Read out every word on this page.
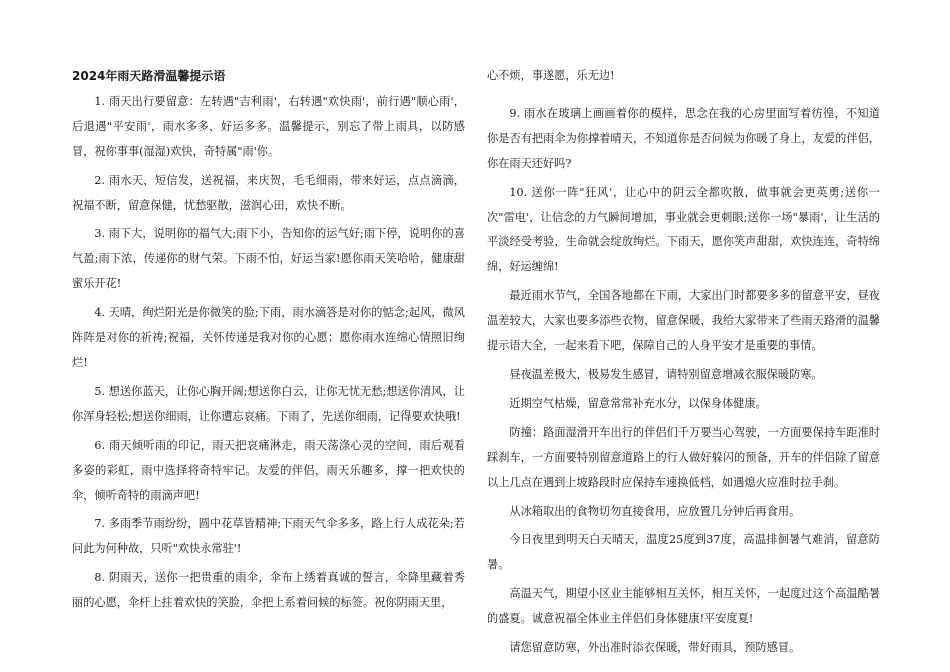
2024年雨天路滑温馨提示语

1. 雨天出行要留意：左转遇"吉利雨'，右转遇"欢快雨'，前行遇"顺心雨'，后退遇"平安雨'，雨水多多，好运多多。温馨提示，别忘了带上雨具，以防感冒，祝你事事(湿湿)欢快，奇特属"雨'你。

2. 雨水天，短信发，送祝福，来庆贺，毛毛细雨，带来好运，点点滴滴，祝福不断，留意保健，忧愁驱散，滋润心田，欢快不断。

3. 雨下大，说明你的福气大;雨下小，告知你的运气好;雨下停，说明你的喜气盈;雨下浓，传递你的财气荣。下雨不怕，好运当家!愿你雨天笑哈哈，健康甜蜜乐开花!

4. 天晴，绚烂阳光是你微笑的脸;下雨，雨水滴答是对你的惦念;起风，微风阵阵是对你的祈祷;祝福，关怀传递是我对你的心愿；愿你雨水连绵心情照旧绚烂!

5. 想送你蓝天，让你心胸开阔;想送你白云，让你无忧无愁;想送你清风，让你浑身轻松;想送你细雨，让你遭忘哀痛。下雨了，先送你细雨，记得要欢快哦!

6. 雨天倾听雨的印记，雨天把哀痛淋走，雨天荡涤心灵的空间，雨后观看多姿的彩虹，雨中选择将奇特牢记。友爱的伴侣，雨天乐趣多，撑一把欢快的伞，倾听奇特的雨滴声吧!

7. 多雨季节雨纷纷，圆中花草皆精神;下雨天气伞多多，路上行人成花朵;若问此为何种故，只听"欢快永常驻'!

8. 阴雨天，送你一把贵重的雨伞，伞布上绣着真诚的誓言，伞降里藏着秀丽的心愿，伞杆上拄着欢快的笑脸，伞把上系着问候的标签。祝你阴雨天里，

心不烦，事遂愿，乐无边!

9. 雨水在玻璃上画画着你的模样，思念在我的心房里面写着彷徨，不知道你是否有把雨伞为你撑着晴天，不知道你是否问候为你暖了身上，友爱的伴侣，你在雨天还好吗?

10. 送你一阵"狂风'，让心中的阴云全都吹散，做事就会更英勇;送你一次"雷电'，让信念的力气瞬间增加，事业就会更刺眼;送你一场"暴雨'，让生活的平淡经受考验，生命就会绽放绚烂。下雨天，愿你笑声甜甜，欢快连连，奇特绵绵，好运缠绵!

最近雨水节气，全国各地都在下雨，大家出门时都要多多的留意平安，昼夜温差较大，大家也要多添些衣物，留意保暖，我给大家带来了些雨天路滑的温馨提示语大全，一起来看下吧，保障自己的人身平安才是重要的事情。

昼夜温差极大，极易发生感冒，请特别留意增减衣服保暖防寒。

近期空气枯燥，留意常常补充水分，以保身体健康。

防撞：路面湿滑开车出行的伴侣们千万要当心驾驶，一方面要保持车距准时踩刹车，一方面要特别留意道路上的行人做好躲闪的预备，开车的伴侣除了留意以上几点在遇到上坡路段时应保持车速换低档，如遇熄火应准时拉手刹。

从冰箱取出的食物切勿直接食用，应放置几分钟后再食用。

今日夜里到明天白天晴天，温度25度到37度，高温排徊暑气难消，留意防暑。

高温天气，期望小区业主能够相互关怀，相互关怀，一起度过这个高温酷暑的盛夏。诚意祝福全体业主伴侣们身体健康!平安度夏!

请您留意防寒，外出准时添衣保暖，带好雨具，预防感冒。
